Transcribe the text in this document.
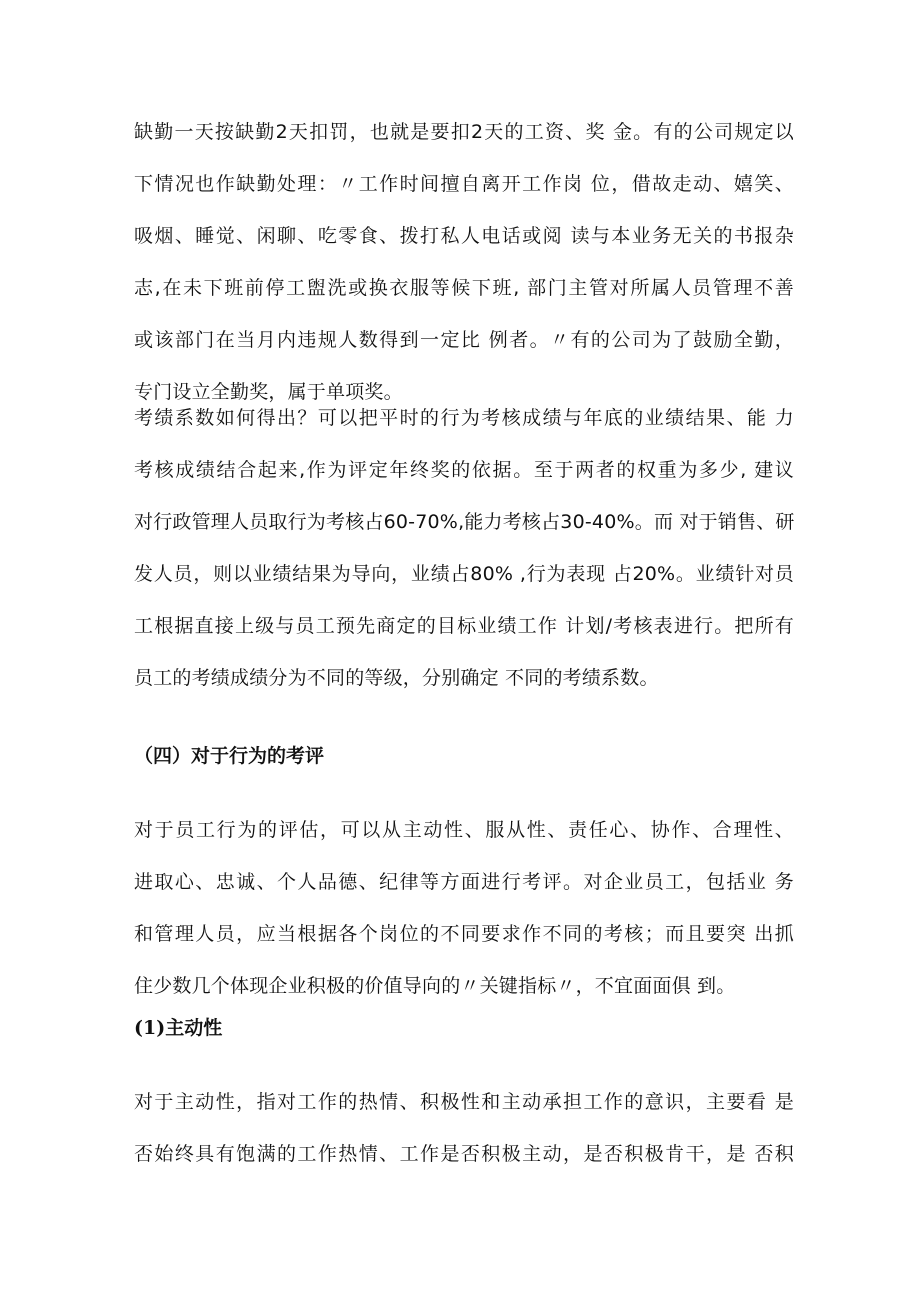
缺勤一天按缺勤2天扣罚，也就是要扣2天的工资、奖 金。有的公司规定以
下情况也作缺勤处理：〃工作时间擅自离开工作岗 位，借故走动、嬉笑、
吸烟、睡觉、闲聊、吃零食、拨打私人电话或阅 读与本业务无关的书报杂
志,在未下班前停工盥洗或换衣服等候下班, 部门主管对所属人员管理不善
或该部门在当月内违规人数得到一定比 例者。〃有的公司为了鼓励全勤，
专门设立全勤奖，属于单项奖。
考绩系数如何得出？可以把平时的行为考核成绩与年底的业绩结果、能 力
考核成绩结合起来,作为评定年终奖的依据。至于两者的权重为多少, 建议
对行政管理人员取行为考核占60-70%,能力考核占30-40%。而 对于销售、研
发人员，则以业绩结果为导向，业绩占80% ,行为表现 占20%。业绩针对员
工根据直接上级与员工预先商定的目标业绩工作 计划/考核表进行。把所有
员工的考绩成绩分为不同的等级，分别确定 不同的考绩系数。
（四）对于行为的考评
对于员工行为的评估，可以从主动性、服从性、责任心、协作、合理性、
进取心、忠诚、个人品德、纪律等方面进行考评。对企业员工，包括业 务
和管理人员，应当根据各个岗位的不同要求作不同的考核；而且要突 出抓
住少数几个体现企业积极的价值导向的〃关键指标〃，不宜面面俱 到。
(1)主动性
对于主动性，指对工作的热情、积极性和主动承担工作的意识，主要看 是
否始终具有饱满的工作热情、工作是否积极主动，是否积极肯干，是 否积
